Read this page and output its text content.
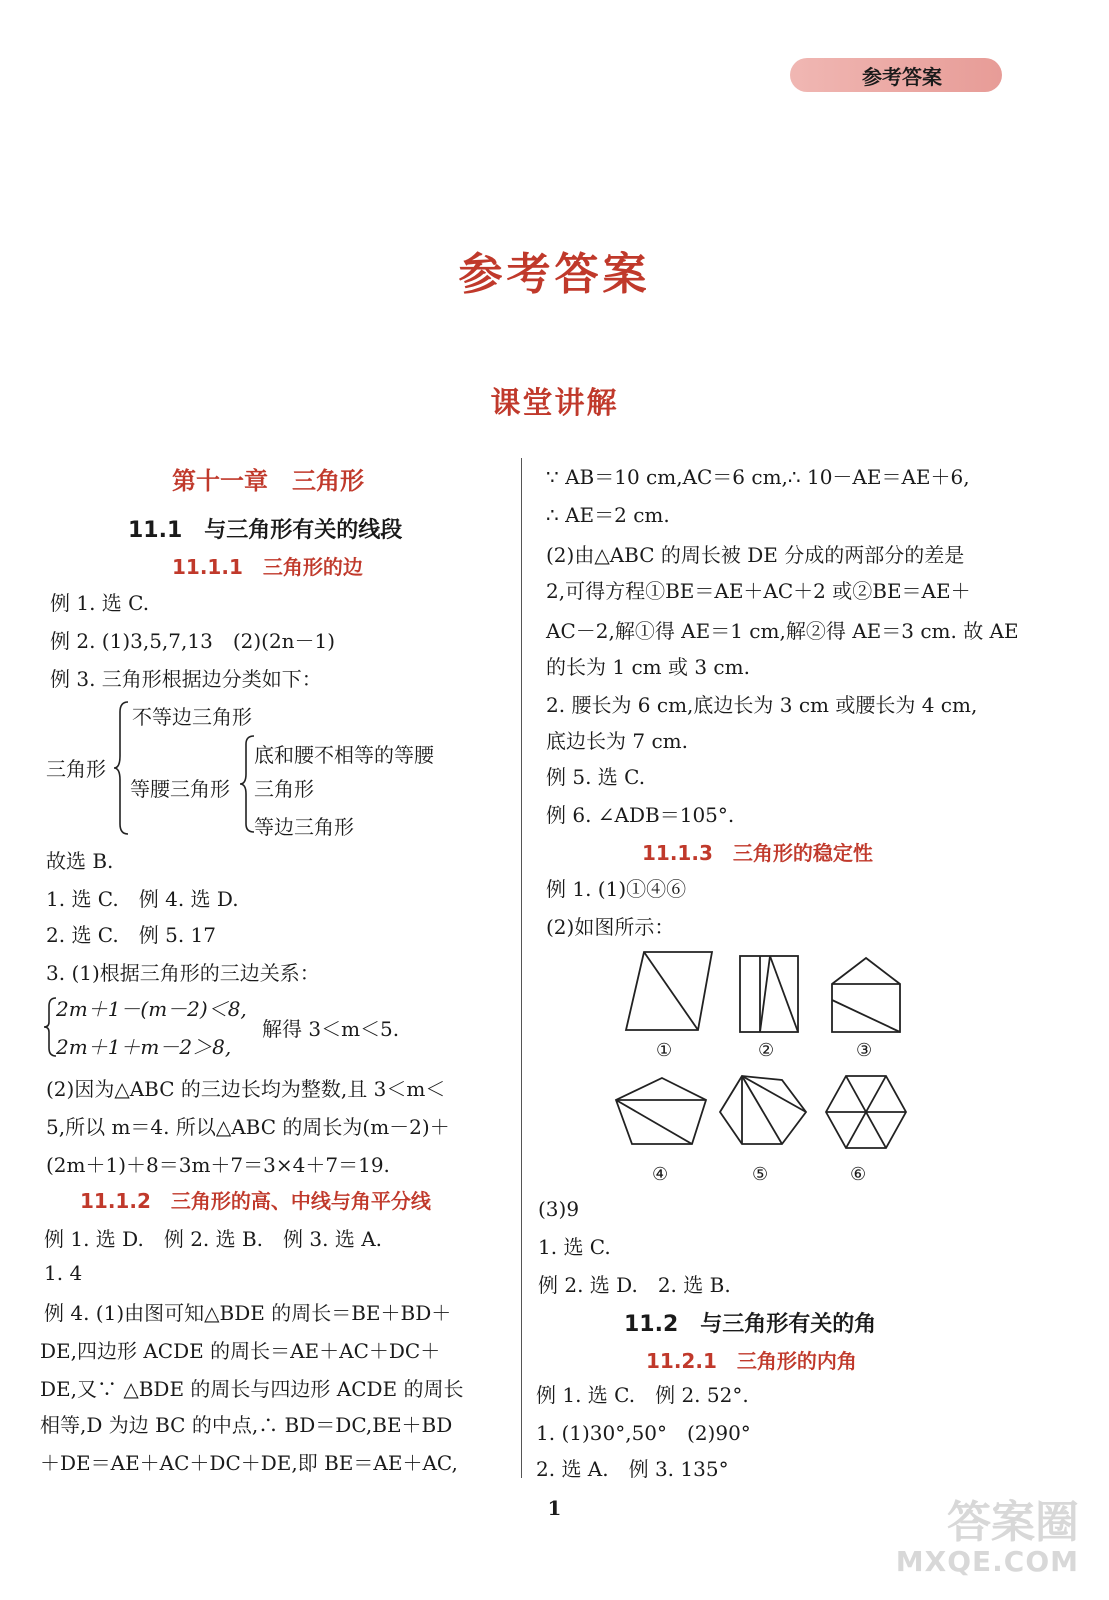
参考答案
参考答案
课堂讲解
第十一章　三角形
11.1　与三角形有关的线段
11.1.1　三角形的边
例 1. 选 C.
例 2. (1)3,5,7,13　(2)(2n－1)
例 3. 三角形根据边分类如下：
三角形
不等边三角形
等腰三角形
底和腰不相等的等腰
三角形
等边三角形
故选 B.
1. 选 C.　例 4. 选 D.
2. 选 C.　例 5. 17
3. (1)根据三角形的三边关系：
2m＋1－(m－2)＜8,
解得 3＜m＜5.
2m＋1＋m－2＞8,
(2)因为△ABC 的三边长均为整数,且 3＜m＜
5,所以 m＝4. 所以△ABC 的周长为(m－2)＋
(2m＋1)＋8＝3m＋7＝3×4＋7＝19.
11.1.2　三角形的高、中线与角平分线
例 1. 选 D.　例 2. 选 B.　例 3. 选 A.
1. 4
例 4. (1)由图可知△BDE 的周长＝BE＋BD＋
DE,四边形 ACDE 的周长＝AE＋AC＋DC＋
DE,又∵ △BDE 的周长与四边形 ACDE 的周长
相等,D 为边 BC 的中点,∴ BD＝DC,BE＋BD
＋DE＝AE＋AC＋DC＋DE,即 BE＝AE＋AC,
∵ AB＝10 cm,AC＝6 cm,∴ 10－AE＝AE＋6,
∴ AE＝2 cm.
(2)由△ABC 的周长被 DE 分成的两部分的差是
2,可得方程①BE＝AE＋AC＋2 或②BE＝AE＋
AC－2,解①得 AE＝1 cm,解②得 AE＝3 cm. 故 AE
的长为 1 cm 或 3 cm.
2. 腰长为 6 cm,底边长为 3 cm 或腰长为 4 cm,
底边长为 7 cm.
例 5. 选 C.
例 6. ∠ADB＝105°.
11.1.3　三角形的稳定性
例 1. (1)①④⑥
(2)如图所示：
①	②	③
④	⑤	⑥
(3)9
1. 选 C.
例 2. 选 D.　2. 选 B.
11.2　与三角形有关的角
11.2.1　三角形的内角
例 1. 选 C.　例 2. 52°.
1. (1)30°,50°　(2)90°
2. 选 A.　例 3. 135°
1	答案圈
MXQE.COM
